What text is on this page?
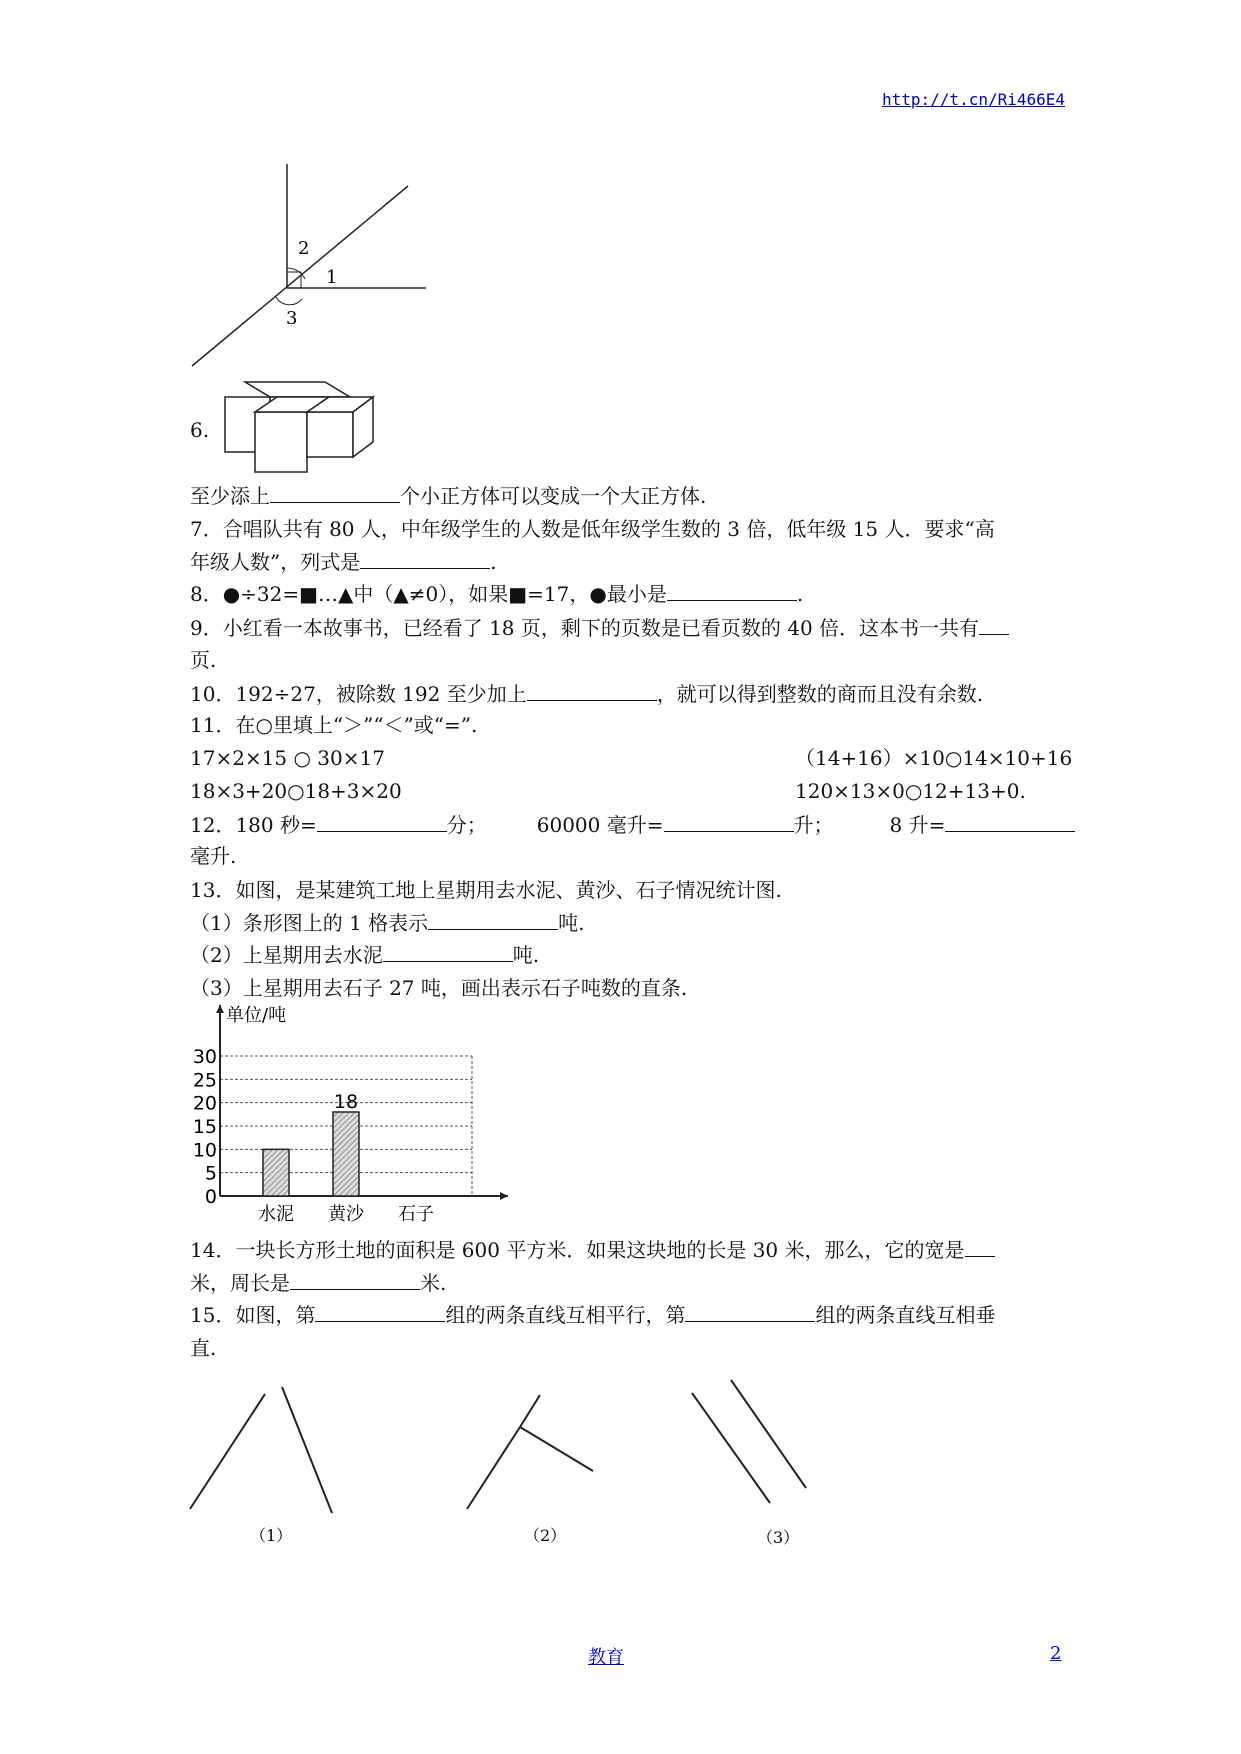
http://t.cn/Ri466E4
1
2
3
6.
至少添上	个小正方体可以变成一个大正方体.
7．合唱队共有 80 人，中年级学生的人数是低年级学生数的 3 倍，低年级 15 人．要求“高
年级人数”，列式是	.
8．●÷32=■…▲中（▲≠0），如果■=17，●最小是	.
9．小红看一本故事书，已经看了 18 页，剩下的页数是已看页数的 40 倍．这本书一共有
页.
10．192÷27，被除数 192 至少加上	，就可以得到整数的商而且没有余数.
11．在○里填上“＞”“＜”或“=”.
17×2×15 ○ 30×17	（14+16）×10○14×10+16
18×3+20○18+3×20	120×13×0○12+13+0.
12．180 秒=	分；	60000 毫升=	升；	8 升=
毫升.
13．如图，是某建筑工地上星期用去水泥、黄沙、石子情况统计图.
（1）条形图上的 1 格表示	吨.
（2）上星期用去水泥	吨.
（3）上星期用去石子 27 吨，画出表示石子吨数的直条.
0
5
10
15
20
25
30
单位/吨
水泥 黄沙
18
石子
14．一块长方形土地的面积是 600 平方米．如果这块地的长是 30 米，那么，它的宽是
米，周长是	米.
15．如图，第	组的两条直线互相平行，第	组的两条直线互相垂
直.
（1）	（2）	（3）
教育	2
